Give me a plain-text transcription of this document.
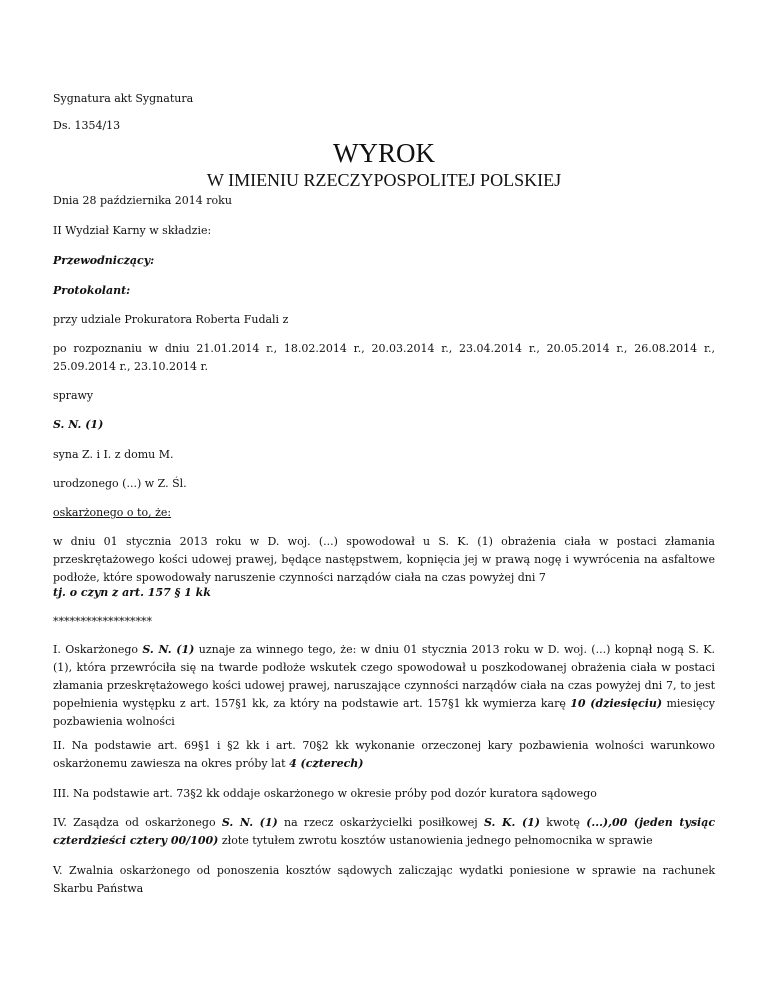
Sygnatura akt Sygnatura
Ds. 1354/13
WYROK
W IMIENIU RZECZYPOSPOLITEJ POLSKIEJ
Dnia 28 października 2014 roku
II Wydział Karny w składzie:
Przewodniczący:
Protokolant:
przy udziale Prokuratora Roberta Fudali z
po rozpoznaniu w dniu 21.01.2014 r., 18.02.2014 r., 20.03.2014 r., 23.04.2014 r., 20.05.2014 r., 26.08.2014 r., 25.09.2014 r., 23.10.2014 r.
sprawy
S. N. (1)
syna Z. i I. z domu M.
urodzonego (...) w Z. Śl.
oskarżonego o to, że:
w dniu 01 stycznia 2013 roku w D. woj. (...) spowodował u S. K. (1) obrażenia ciała w postaci złamania przeskrętażowego kości udowej prawej, będące następstwem, kopnięcia jej w prawą nogę i wywrócenia na asfaltowe podłoże, które spowodowały naruszenie czynności narządów ciała na czas powyżej dni 7
tj. o czyn z art. 157 § 1 kk
******************
I. Oskarżonego S. N. (1) uznaje za winnego tego, że: w dniu 01 stycznia 2013 roku w D. woj. (...) kopnął nogą S. K. (1), która przewróciła się na twarde podłoże wskutek czego spowodował u poszkodowanej obrażenia ciała w postaci złamania przeskrętażowego kości udowej prawej, naruszające czynności narządów ciała na czas powyżej dni 7, to jest popełnienia występku z art. 157§1 kk, za który na podstawie art. 157§1 kk wymierza karę 10 (dziesięciu) miesięcy pozbawienia wolności
II. Na podstawie art. 69§1 i §2 kk i art. 70§2 kk wykonanie orzeczonej kary pozbawienia wolności warunkowo oskarżonemu zawiesza na okres próby lat 4 (czterech)
III. Na podstawie art. 73§2 kk oddaje oskarżonego w okresie próby pod dozór kuratora sądowego
IV. Zasądza od oskarżonego S. N. (1) na rzecz oskarżycielki posiłkowej S. K. (1) kwotę (...),00 (jeden tysiąc czterdzieści cztery 00/100) złote tytułem zwrotu kosztów ustanowienia jednego pełnomocnika w sprawie
V. Zwalnia oskarżonego od ponoszenia kosztów sądowych zaliczając wydatki poniesione w sprawie na rachunek Skarbu Państwa
